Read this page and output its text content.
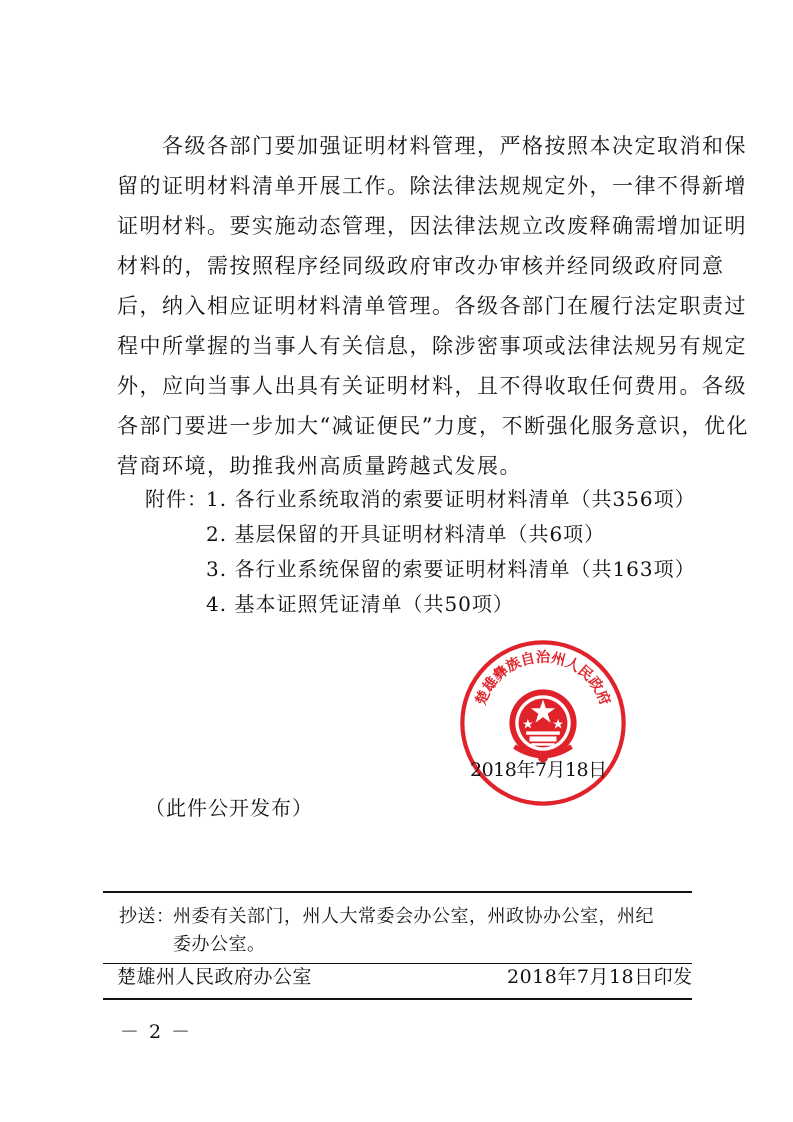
　　各级各部门要加强证明材料管理，严格按照本决定取消和保
留的证明材料清单开展工作。除法律法规规定外，一律不得新增
证明材料。要实施动态管理，因法律法规立改废释确需增加证明
材料的，需按照程序经同级政府审改办审核并经同级政府同意
后，纳入相应证明材料清单管理。各级各部门在履行法定职责过
程中所掌握的当事人有关信息，除涉密事项或法律法规另有规定
外，应向当事人出具有关证明材料，且不得收取任何费用。各级
各部门要进一步加大“减证便民”力度，不断强化服务意识，优化
营商环境，助推我州高质量跨越式发展。
附件：
1. 各行业系统取消的索要证明材料清单（共356项）
2. 基层保留的开具证明材料清单（共6项）
3. 各行业系统保留的索要证明材料清单（共163项）
4. 基本证照凭证清单（共50项）
楚雄彝族自治州人民政府
2018年7月18日
（此件公开发布）
抄送：
州委有关部门，州人大常委会办公室，州政协办公室，州纪
委办公室。
楚雄州人民政府办公室	2018年7月18日印发
－ 2 －
